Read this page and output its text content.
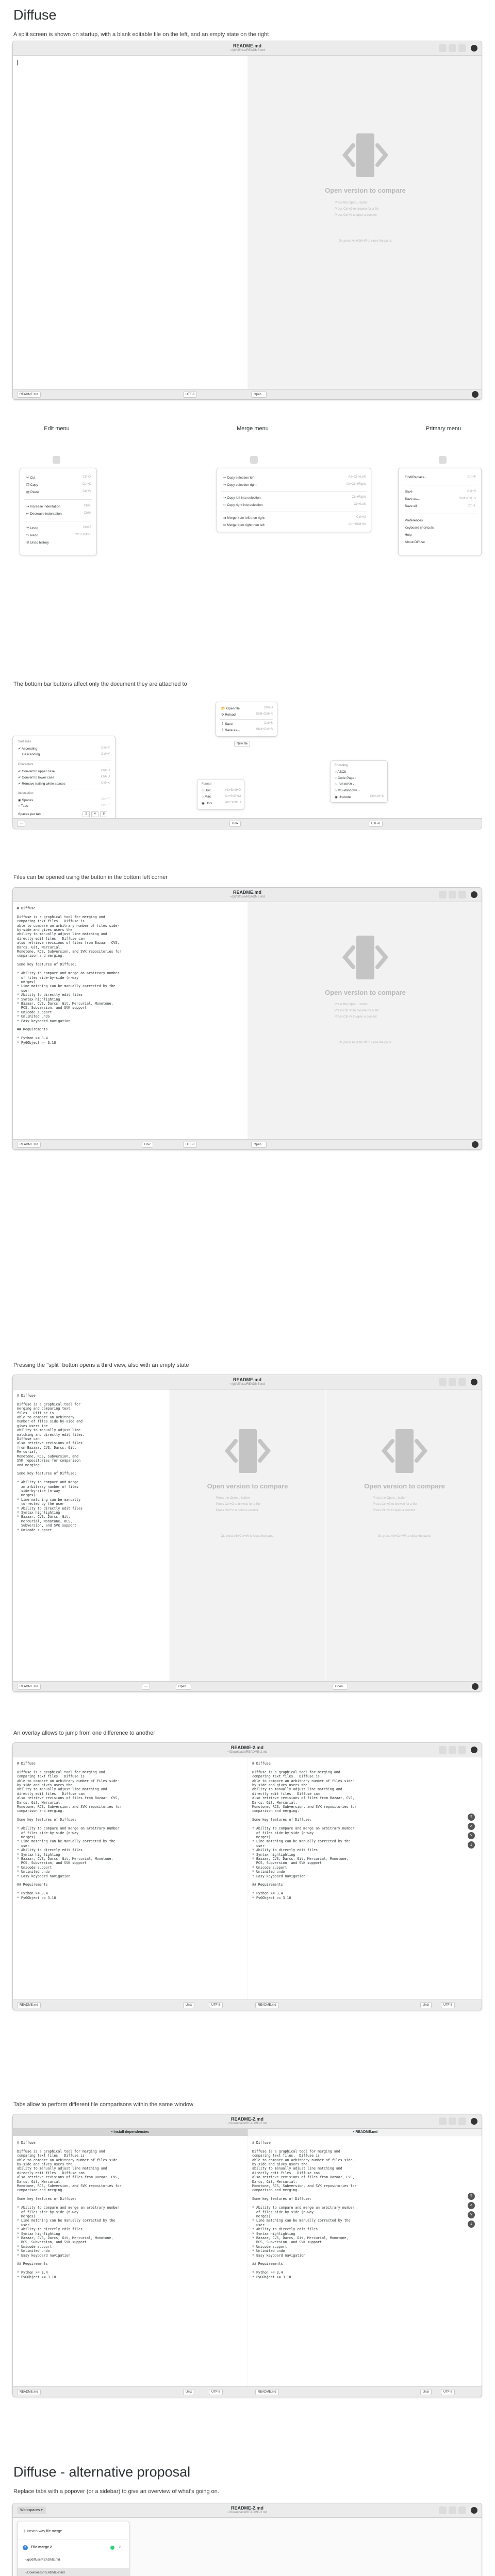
Diffuse
A split screen is shown on startup, with a blank editable file on the left, and an empty state on the right
README.md
~/git/diffuse/README.md
Open version to compare
Press the Open... button
Press Ctrl+O to browse for a file
Press Ctrl+V to open a commit
Or, press Alt+Ctrl+W to close the pane.
README.md	UTF-8	Open...
Edit menu	Merge menu	Primary menu
✂ Cut	Ctrl+X
❐ Copy	Ctrl+C
▤ Paste	Ctrl+V
⇥ Increase indentation	Ctrl+]
⇤ Decrease indentation	Ctrl+[
↶ Undo	Ctrl+Z
↷ Redo	Ctrl+Shift+Z
⟲ Undo history
⇐ Copy selection left	Alt+Ctrl+Left
⇒ Copy selection right	Alt+Ctrl+Right
⇢ Copy left into selection	Ctrl+Right
⇠ Copy right into selection	Ctrl+Left
⇉ Merge from left then right	Ctrl+M
⇇ Merge from right then left	Ctrl+Shift+M
Find/Replace...	Ctrl+F
Save	Ctrl+S
Save as...	Shift+Ctrl+S
Save all	Ctrl+L
Preferences
Keyboard shortcuts
Help
About Diffuse
The bottom bar buttons affect only the document they are attached to
Sort lines
✔ Ascending	Ctrl+Y
Descending	Ctrl+Y
Characters
✔ Convert to upper case	Ctrl+U
✔ Convert to lower case	Ctrl+U
✔ Remove trailing white spaces	Ctrl+K
Indentation
◉ Spaces	Ctrl+T
○ Tabs	Ctrl+T
Spaces per tab	2	4	8
📂 Open file	Ctrl+O
↻ Reload	Shift+Ctrl+R
⇩ Save	Ctrl+S
⇩ Save as...	Shift+Ctrl+S
New file
Format
○ Dos	Alt+Shift+D
○ Mac	Alt+Shift+M
◉ Unix	Alt+Shift+U
Encoding
○ ASCII
○ Code Page ›
○ ISO 8859 ›
○ MS-Windows ›
◉ Unicode	Ctrl+Alt+U
⋯	Unix	UTF-8
Files can be opened using the button in the bottom left corner
README.md
~/git/diffuse/README.md
# Diffuse

Diffuse is a graphical tool for merging and
comparing text files.  Diffuse is
able to compare an arbitrary number of files side-
by-side and gives users the
ability to manually adjust line matching and
directly edit files.  Diffuse can
also retrieve revisions of files from Bazaar, CVS,
Darcs, Git, Mercurial,
Monotone, RCS, Subversion, and SVK repositories for
comparison and merging.

Some key features of Diffuse:

* Ability to compare and merge an arbitrary number
of files side-by-side (n-way
merges)
* Line matching can be manually corrected by the
user
* Ability to directly edit files
* Syntax highlighting
* Bazaar, CVS, Darcs, Git, Mercurial, Monotone,
RCS, Subversion, and SVK support
* Unicode support
* Unlimited undo
* Easy keyboard navigation

## Requirements

* Python >= 3.4
* PyGObject >= 3.18
Open version to compare
Press the Open... button
Press Ctrl+O to browse for a file
Press Ctrl+V to open a commit
Or, press Alt+Ctrl+W to close the pane.
README.md	Unix	UTF-8	Open...
Pressing the "split" button opens a third view, also with an empty state
README.md
~/git/diffuse/README.md
# Diffuse

Diffuse is a graphical tool for
merging and comparing text
files.  Diffuse is
able to compare an arbitrary
number of files side-by-side and
gives users the
ability to manually adjust line
matching and directly edit files.
Diffuse can
also retrieve revisions of files
from Bazaar, CVS, Darcs, Git,
Mercurial,
Monotone, RCS, Subversion, and
SVK repositories for comparison
and merging.

Some key features of Diffuse:

* Ability to compare and merge
an arbitrary number of files
side-by-side (n-way
merges)
* Line matching can be manually
corrected by the user
* Ability to directly edit files
* Syntax highlighting
* Bazaar, CVS, Darcs, Git,
Mercurial, Monotone, RCS,
Subversion, and SVK support
* Unicode support
Open version to compare
Press the Open... button
Press Ctrl+O to browse for a file
Press Ctrl+V to open a commit
Or, press Alt+Ctrl+W to close the pane.
Open version to compare
Press the Open... button
Press Ctrl+O to browse for a file
Press Ctrl+V to open a commit
Or, press Alt+Ctrl+W to close the pane.
README.md	⋯	Open...	Open...
An overlay allows to jump from one difference to another
README-2.md
~/Downloads/README-2.md
# Diffuse

Diffuse is a graphical tool for merging and
comparing text files.  Diffuse is
able to compare an arbitrary number of files side-
by-side and gives users the
ability to manually adjust line matching and
directly edit files.  Diffuse can
also retrieve revisions of files from Bazaar, CVS,
Darcs, Git, Mercurial,
Monotone, RCS, Subversion, and SVK repositories for
comparison and merging.

Some key features of Diffuse:

* Ability to compare and merge an arbitrary number
of files side-by-side (n-way
merges)
* Line matching can be manually corrected by the
user
* Ability to directly edit files
* Syntax highlighting
* Bazaar, CVS, Darcs, Git, Mercurial, Monotone,
RCS, Subversion, and SVK support
* Unicode support
* Unlimited undo
* Easy keyboard navigation

## Requirements

* Python >= 3.4
* PyGObject >= 3.18
# Diffuse

Diffuse is a graphical tool for merging and
comparing text files.  Diffuse is
able to compare an arbitrary number of files side-
by-side and gives users the
ability to manually adjust line matching and
directly edit files.  Diffuse can
also retrieve revisions of files from Bazaar, CVS,
Darcs, Git, Mercurial,
Monotone, RCS, Subversion, and SVK repositories for
comparison and merging.

Some key features of Diffuse:

* Ability to compare and merge an arbitrary number
of files side-by-side (n-way
merges)
* Line matching can be manually corrected by the
user
* Ability to directly edit files
* Syntax highlighting
* Bazaar, CVS, Darcs, Git, Mercurial, Monotone,
RCS, Subversion, and SVK support
* Unicode support
* Unlimited undo
* Easy keyboard navigation

## Requirements

* Python >= 3.4
* PyGObject >= 3.18
˄
˅
⤓
⤒
README.md	Unix	UTF-8	README.md	Unix	UTF-8
Tabs allow to perform different file comparisons within the same window
README-2.md
~/Downloads/README-2.md
• Install dependencies	• README.md
# Diffuse

Diffuse is a graphical tool for merging and
comparing text files.  Diffuse is
able to compare an arbitrary number of files side-
by-side and gives users the
ability to manually adjust line matching and
directly edit files.  Diffuse can
also retrieve revisions of files from Bazaar, CVS,
Darcs, Git, Mercurial,
Monotone, RCS, Subversion, and SVK repositories for
comparison and merging.

Some key features of Diffuse:

* Ability to compare and merge an arbitrary number
of files side-by-side (n-way
merges)
* Line matching can be manually corrected by the
user
* Ability to directly edit files
* Syntax highlighting
* Bazaar, CVS, Darcs, Git, Mercurial, Monotone,
RCS, Subversion, and SVK support
* Unicode support
* Unlimited undo
* Easy keyboard navigation

## Requirements

* Python >= 3.4
* PyGObject >= 3.18
# Diffuse

Diffuse is a graphical tool for merging and
comparing text files.  Diffuse is
able to compare an arbitrary number of files side-
by-side and gives users the
ability to manually adjust line matching and
directly edit files.  Diffuse can
also retrieve revisions of files from Bazaar, CVS,
Darcs, Git, Mercurial,
Monotone, RCS, Subversion, and SVK repositories for
comparison and merging.

Some key features of Diffuse:

* Ability to compare and merge an arbitrary number
of files side-by-side (n-way
merges)
* Line matching can be manually corrected by the
user
* Ability to directly edit files
* Syntax highlighting
* Bazaar, CVS, Darcs, Git, Mercurial, Monotone,
RCS, Subversion, and SVK support
* Unicode support
* Unlimited undo
* Easy keyboard navigation

## Requirements

* Python >= 3.4
* PyGObject >= 3.18
⤒
˄
˅
⤓
README.md	Unix	UTF-8	README.md	Unix	UTF-8
Diffuse - alternative proposal
Replace tabs with a popover (or a sidebar) to give an overview of what's going on.
Workspaces ▾	README-2.md
~/Downloads/README-2.md
＋ New n-way file merge
2	File merge 2	×
~/git/diffuse/README.md
~/Downloads/README-2.md
